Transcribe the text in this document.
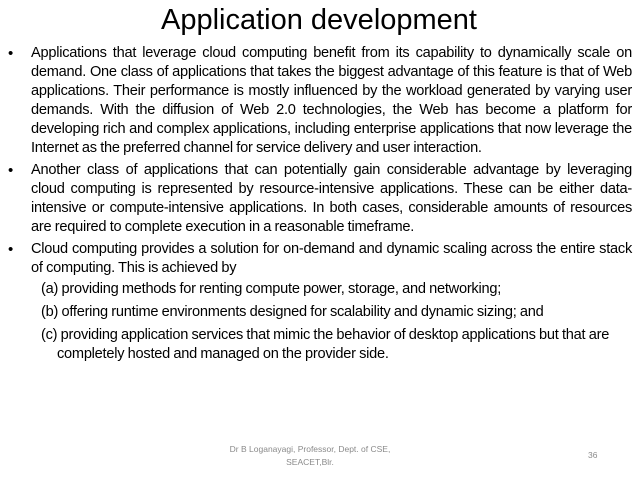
Application development
• Applications that leverage cloud computing benefit from its capability to dynamically scale on demand. One class of applications that takes the biggest advantage of this feature is that of Web applications. Their performance is mostly influenced by the workload generated by varying user demands. With the diffusion of Web 2.0 technologies, the Web has become a platform for developing rich and complex applications, including enterprise applications that now leverage the Internet as the preferred channel for service delivery and user interaction.
• Another class of applications that can potentially gain considerable advantage by leveraging cloud computing is represented by resource-intensive applications. These can be either data-intensive or compute-intensive applications. In both cases, considerable amounts of resources are required to complete execution in a reasonable timeframe.
• Cloud computing provides a solution for on-demand and dynamic scaling across the entire stack of computing. This is achieved by
(a) providing methods for renting compute power, storage, and networking;
(b) offering runtime environments designed for scalability and dynamic sizing; and
(c) providing application services that mimic the behavior of desktop applications but that are completely hosted and managed on the provider side.
Dr B Loganayagi, Professor, Dept. of CSE,
SEACET,Blr.
36
